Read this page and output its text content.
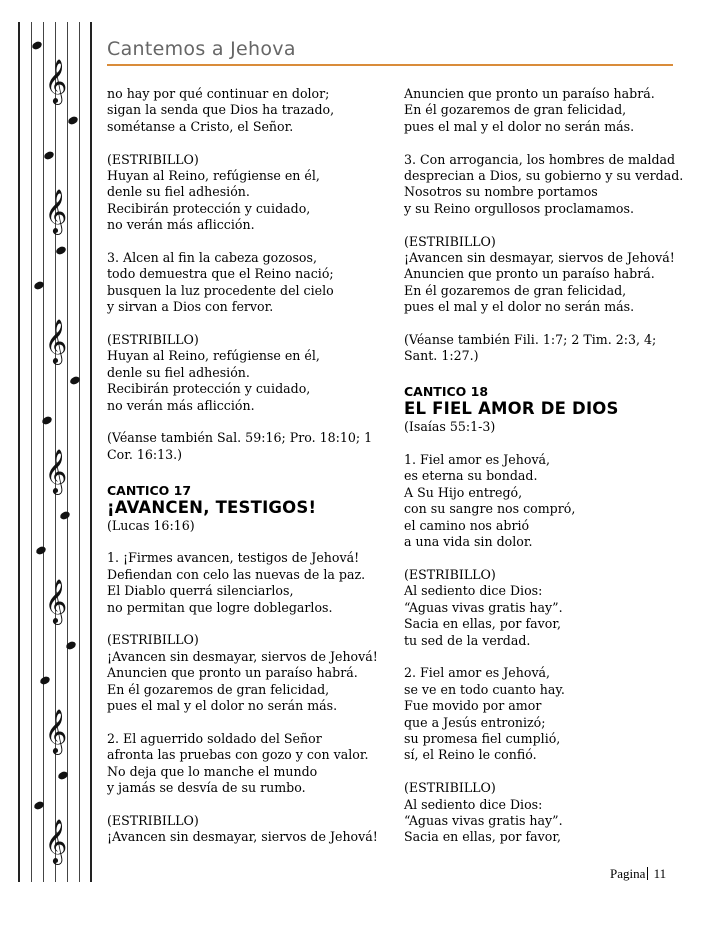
𝄞
𝄞
𝄞
𝄞
𝄞
𝄞
𝄞
Cantemos a Jehova
no hay por qué continuar en dolor;
sigan la senda que Dios ha trazado,
sométanse a Cristo, el Señor.
(ESTRIBILLO)
Huyan al Reino, refúgiense en él,
denle su fiel adhesión.
Recibirán protección y cuidado,
no verán más aflicción.
3. Alcen al fin la cabeza gozosos,
todo demuestra que el Reino nació;
busquen la luz procedente del cielo
y sirvan a Dios con fervor.
(ESTRIBILLO)
Huyan al Reino, refúgiense en él,
denle su fiel adhesión.
Recibirán protección y cuidado,
no verán más aflicción.
(Véanse también Sal. 59:16; Pro. 18:10; 1
Cor. 16:13.)
CANTICO 17
¡AVANCEN, TESTIGOS!
(Lucas 16:16)
1. ¡Firmes avancen, testigos de Jehová!
Defiendan con celo las nuevas de la paz.
El Diablo querrá silenciarlos,
no permitan que logre doblegarlos.
(ESTRIBILLO)
¡Avancen sin desmayar, siervos de Jehová!
Anuncien que pronto un paraíso habrá.
En él gozaremos de gran felicidad,
pues el mal y el dolor no serán más.
2. El aguerrido soldado del Señor
afronta las pruebas con gozo y con valor.
No deja que lo manche el mundo
y jamás se desvía de su rumbo.
(ESTRIBILLO)
¡Avancen sin desmayar, siervos de Jehová!
Anuncien que pronto un paraíso habrá.
En él gozaremos de gran felicidad,
pues el mal y el dolor no serán más.
3. Con arrogancia, los hombres de maldad
desprecian a Dios, su gobierno y su verdad.
Nosotros su nombre portamos
y su Reino orgullosos proclamamos.
(ESTRIBILLO)
¡Avancen sin desmayar, siervos de Jehová!
Anuncien que pronto un paraíso habrá.
En él gozaremos de gran felicidad,
pues el mal y el dolor no serán más.
(Véanse también Fili. 1:7; 2 Tim. 2:3, 4;
Sant. 1:27.)
CANTICO 18
EL FIEL AMOR DE DIOS
(Isaías 55:1-3)
1. Fiel amor es Jehová,
es eterna su bondad.
A Su Hijo entregó,
con su sangre nos compró,
el camino nos abrió
a una vida sin dolor.
(ESTRIBILLO)
Al sediento dice Dios:
“Aguas vivas gratis hay”.
Sacia en ellas, por favor,
tu sed de la verdad.
2. Fiel amor es Jehová,
se ve en todo cuanto hay.
Fue movido por amor
que a Jesús entronizó;
su promesa fiel cumplió,
sí, el Reino le confió.
(ESTRIBILLO)
Al sediento dice Dios:
“Aguas vivas gratis hay”.
Sacia en ellas, por favor,
Pagina 11
